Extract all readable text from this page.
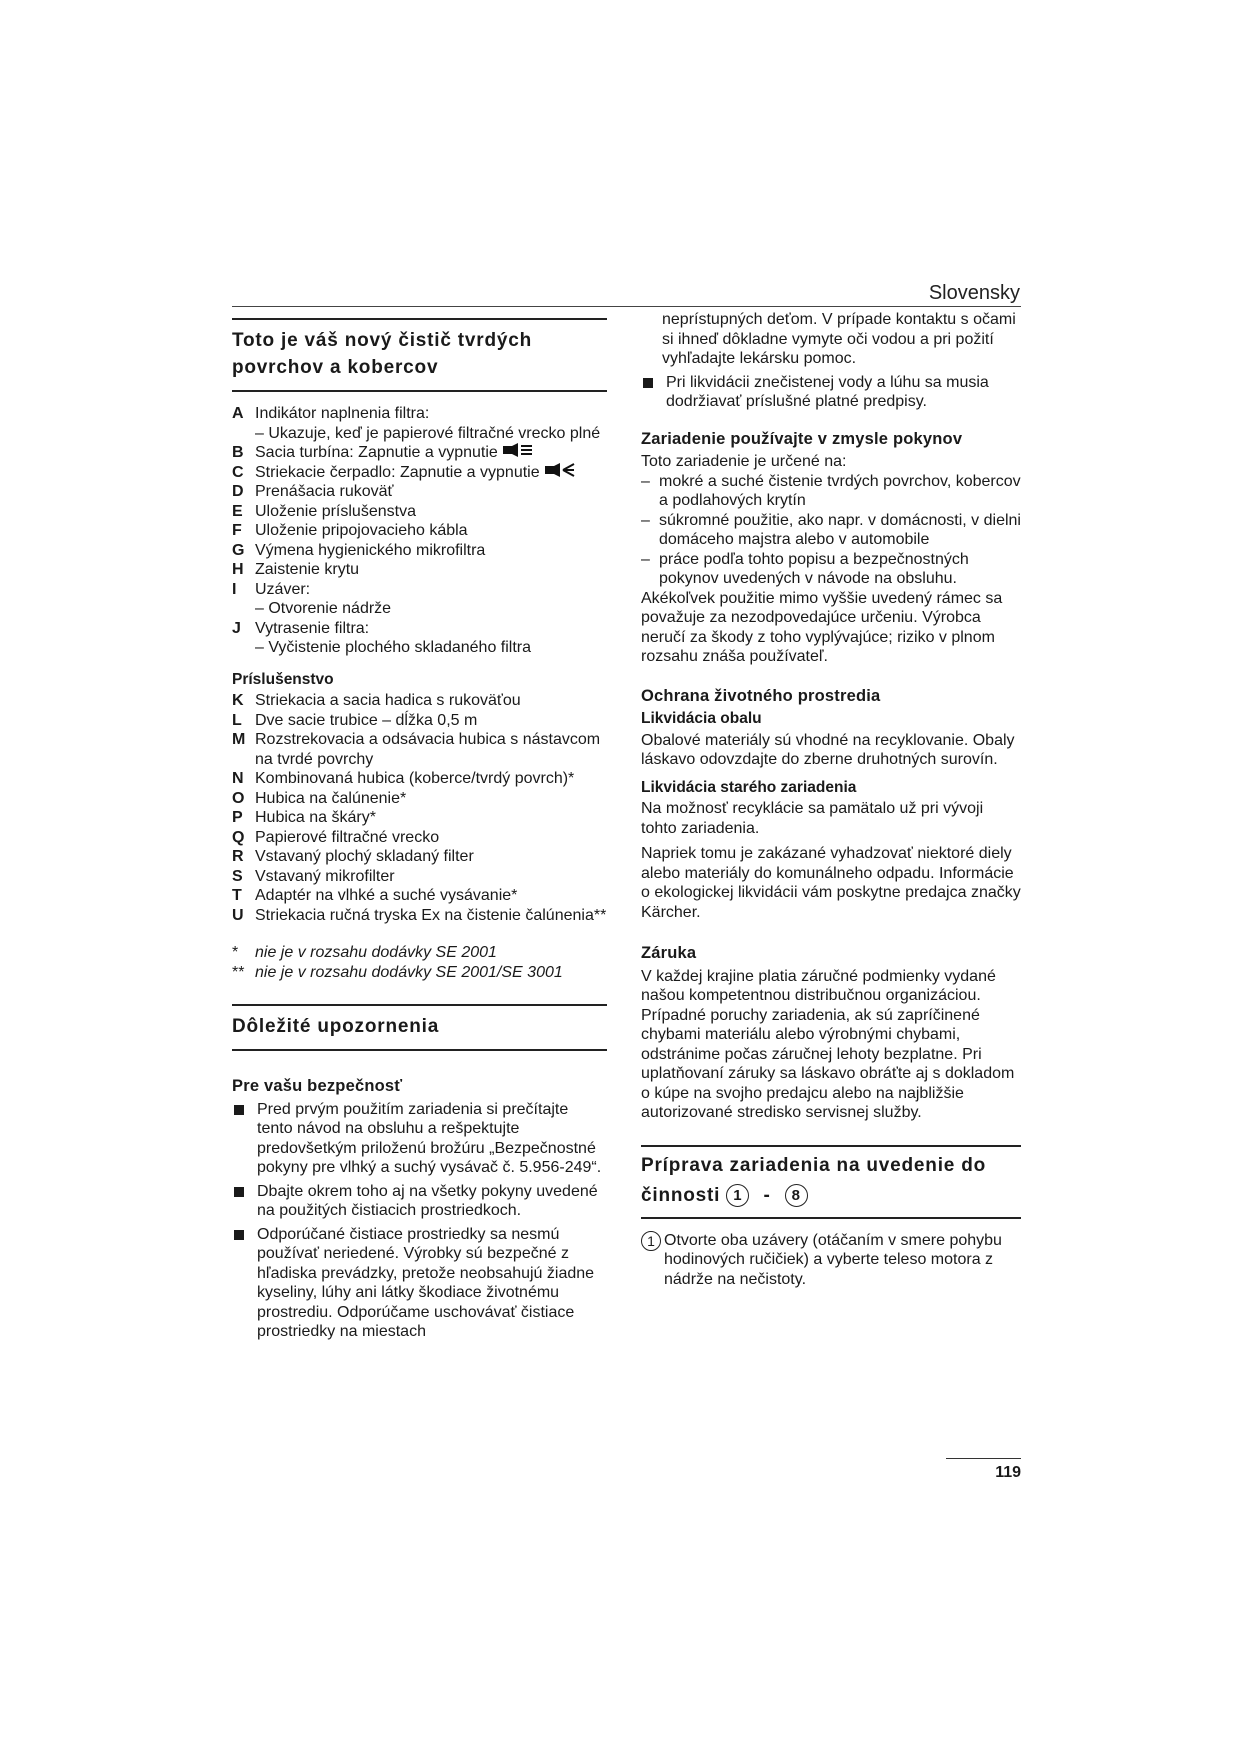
Slovensky
Toto je váš nový čistič tvrdých povrchov a kobercov
A Indikátor naplnenia filtra:
– Ukazuje, keď je papierové filtračné vrecko plné
B Sacia turbína: Zapnutie a vypnutie
C Striekacie čerpadlo: Zapnutie a vypnutie
D Prenášacia rukoväť
E Uloženie príslušenstva
F Uloženie pripojovacieho kábla
G Výmena hygienického mikrofiltra
H Zaistenie krytu
I	Uzáver:
– Otvorenie nádrže
J Vytrasenie filtra:
– Vyčistenie plochého skladaného filtra
Príslušenstvo
K Striekacia a sacia hadica s rukoväťou
L Dve sacie trubice – dĺžka 0,5 m
M Rozstrekovacia a odsávacia hubica s nástavcom na tvrdé povrchy
N Kombinovaná hubica (koberce/tvrdý povrch)*
O Hubica na čalúnenie*
P Hubica na škáry*
Q Papierové filtračné vrecko
R Vstavaný plochý skladaný filter
S Vstavaný mikrofilter
T Adaptér na vlhké a suché vysávanie*
U Striekacia ručná tryska Ex na čistenie čalúnenia**
*	nie je v rozsahu dodávky SE 2001
** nie je v rozsahu dodávky SE 2001/SE 3001
Dôležité upozornenia
Pre vašu bezpečnosť
Pred prvým použitím zariadenia si prečítajte tento návod na obsluhu a rešpektujte predovšetkým priloženú brožúru „Bezpečnostné pokyny pre vlhký a suchý vysávač č. 5.956-249“.
Dbajte okrem toho aj na všetky pokyny uvedené na použitých čistiacich prostriedkoch.
Odporúčané čistiace prostriedky sa nesmú používať neriedené. Výrobky sú bezpečné z hľadiska prevádzky, pretože neobsahujú žiadne kyseliny, lúhy ani látky škodiace životnému prostrediu. Odporúčame uschovávať čistiace prostriedky na miestach
neprístupných deťom. V prípade kontaktu s očami si ihneď dôkladne vymyte oči vodou a pri požití vyhľadajte lekársku pomoc.
Pri likvidácii znečistenej vody a lúhu sa musia dodržiavať príslušné platné predpisy.
Zariadenie používajte v zmysle pokynov
Toto zariadenie je určené na:
– mokré a suché čistenie tvrdých povrchov, kobercov a podlahových krytín
– súkromné použitie, ako napr. v domácnosti, v dielni domáceho majstra alebo v automobile
– práce podľa tohto popisu a bezpečnostných pokynov uvedených v návode na obsluhu.

Akékoľvek použitie mimo vyššie uvedený rámec sa považuje za nezodpovedajúce určeniu. Výrobca neručí za škody z toho vyplývajúce; riziko v plnom rozsahu znáša používateľ.

Ochrana životného prostredia
Likvidácia obalu

Obalové materiály sú vhodné na recyklovanie. Obaly láskavo odovzdajte do zberne druhotných surovín.

Likvidácia starého zariadenia

Na možnosť recyklácie sa pamätalo už pri vývoji tohto zariadenia.

Napriek tomu je zakázané vyhadzovať niektoré diely alebo materiály do komunálneho odpadu. Informácie o ekologickej likvidácii vám poskytne predajca značky Kärcher.

Záruka

V každej krajine platia záručné podmienky vydané našou kompetentnou distribučnou organizáciou. Prípadné poruchy zariadenia, ak sú zapríčinené chybami materiálu alebo výrobnými chybami, odstránime počas záručnej lehoty bezplatne. Pri uplatňovaní záruky sa láskavo obráťte aj s dokladom o kúpe na svojho predajcu alebo na najbližšie autorizované stredisko servisnej služby.

Príprava zariadenia na uvedenie do činnosti 1 - 8
1 Otvorte oba uzávery (otáčaním v smere pohybu hodinových ručičiek) a vyberte teleso motora z nádrže na nečistoty.
119
